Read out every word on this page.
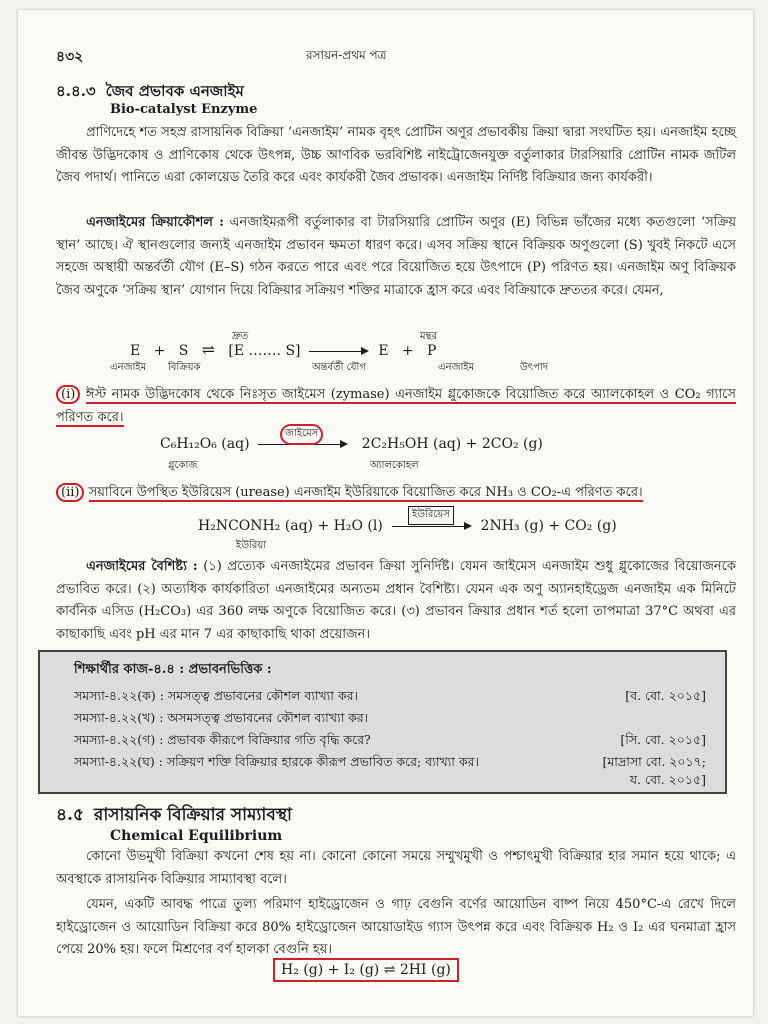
৪৩২	রসায়ন-প্রথম পত্র
৪.৪.৩ জৈব প্রভাবক এনজাইম
Bio-catalyst Enzyme

প্রাণিদেহে শত সহস্র রাসায়নিক বিক্রিয়া ‘এনজাইম’ নামক বৃহৎ প্রোটিন অণুর প্রভাবকীয় ক্রিয়া দ্বারা সংঘটিত হয়। এনজাইম হচ্ছে জীবন্ত উদ্ভিদকোষ ও প্রাণিকোষ থেকে উৎপন্ন, উচ্চ আণবিক ভরবিশিষ্ট নাইট্রোজেনযুক্ত বর্তুলাকার টারসিয়ারি প্রোটিন নামক জটিল জৈব পদার্থ। পানিতে এরা কোলয়েড তৈরি করে এবং কার্যকরী জৈব প্রভাবক। এনজাইম নির্দিষ্ট বিক্রিয়ার জন্য কার্যকরী।

এনজাইমের ক্রিয়াকৌশল : এনজাইমরূপী বর্তুলাকার বা টারসিয়ারি প্রোটিন অণুর (E) বিভিন্ন ভাঁজের মধ্যে কতগুলো ‘সক্রিয় স্থান’ আছে। ঐ স্থানগুলোর জন্যই এনজাইম প্রভাবন ক্ষমতা ধারণ করে। এসব সক্রিয় স্থানে বিক্রিয়ক অণুগুলো (S) খুবই নিকটে এসে সহজে অস্থায়ী অন্তর্বর্তী যৌগ (E–S) গঠন করতে পারে এবং পরে বিয়োজিত হয়ে উৎপাদে (P) পরিণত হয়। এনজাইম অণু বিক্রিয়ক জৈব অণুকে ‘সক্রিয় স্থান’ যোগান দিয়ে বিক্রিয়ার সক্রিয়ণ শক্তির মাত্রাকে হ্রাস করে এবং বিক্রিয়াকে দ্রুততর করে। যেমন,

E + S ⇌ [E ……. S]	E + P
দ্রুত	মন্থর
এনজাইম বিক্রিয়ক	অন্তর্বর্তী যৌগ	এনজাইম	উৎপাদ

(i) ঈস্ট নামক উদ্ভিদকোষ থেকে নিঃসৃত জাইমেস (zymase) এনজাইম গ্লুকোজকে বিয়োজিত করে অ্যালকোহল ও CO₂ গ্যাসে পরিণত করে।

C₆H₁₂O₆ (aq)	2C₂H₅OH (aq) + 2CO₂ (g)
জাইমেস
গ্লুকোজ	অ্যালকোহল

(ii) সয়াবিনে উপস্থিত ইউরিয়েস (urease) এনজাইম ইউরিয়াকে বিয়োজিত করে NH₃ ও CO₂-এ পরিণত করে।

H₂NCONH₂ (aq) + H₂O (l)	2NH₃ (g) + CO₂ (g)
ইউরিয়েস
ইউরিয়া

এনজাইমের বৈশিষ্ট্য : (১) প্রত্যেক এনজাইমের প্রভাবন ক্রিয়া সুনির্দিষ্ট। যেমন জাইমেস এনজাইম শুধু গ্লুকোজের বিয়োজনকে প্রভাবিত করে। (২) অত্যধিক কার্যকারিতা এনজাইমের অন্যতম প্রধান বৈশিষ্ট্য। যেমন এক অণু অ্যানহাইড্রেজ এনজাইম এক মিনিটে কার্বনিক এসিড (H₂CO₃) এর 360 লক্ষ অণুকে বিয়োজিত করে। (৩) প্রভাবন ক্রিয়ার প্রধান শর্ত হলো তাপমাত্রা 37°C অথবা এর কাছাকাছি এবং pH এর মান 7 এর কাছাকাছি থাকা প্রয়োজন।

শিক্ষার্থীর কাজ-৪.৪ : প্রভাবনভিত্তিক :
সমস্যা-৪.২২(ক) : সমসত্ত্ব প্রভাবনের কৌশল ব্যাখ্যা কর।	[ব. বো. ২০১৫]
সমস্যা-৪.২২(খ) : অসমসত্ত্ব প্রভাবনের কৌশল ব্যাখ্যা কর।
সমস্যা-৪.২২(গ) : প্রভাবক কীরূপে বিক্রিয়ার গতি বৃদ্ধি করে?	[সি. বো. ২০১৫]
সমস্যা-৪.২২(ঘ) : সক্রিয়ণ শক্তি বিক্রিয়ার হারকে কীরূপ প্রভাবিত করে; ব্যাখ্যা কর।	[মাদ্রাসা বো. ২০১৭;
য. বো. ২০১৫]
৪.৫ রাসায়নিক বিক্রিয়ার সাম্যাবস্থা
Chemical Equilibrium

কোনো উভমুখী বিক্রিয়া কখনো শেষ হয় না। কোনো কোনো সময়ে সম্মুখমুখী ও পশ্চাৎমুখী বিক্রিয়ার হার সমান হয়ে থাকে; এ অবস্থাকে রাসায়নিক বিক্রিয়ার সাম্যাবস্থা বলে।

যেমন, একটি আবদ্ধ পাত্রে তুল্য পরিমাণ হাইড্রোজেন ও গাঢ় বেগুনি বর্ণের আয়োডিন বাষ্প নিয়ে 450°C-এ রেখে দিলে হাইড্রোজেন ও আয়োডিন বিক্রিয়া করে 80% হাইড্রোজেন আয়োডাইড গ্যাস উৎপন্ন করে এবং বিক্রিয়ক H₂ ও I₂ এর ঘনমাত্রা হ্রাস পেয়ে 20% হয়। ফলে মিশ্রণের বর্ণ হালকা বেগুনি হয়।

H₂ (g) + I₂ (g) ⇌ 2HI (g)
